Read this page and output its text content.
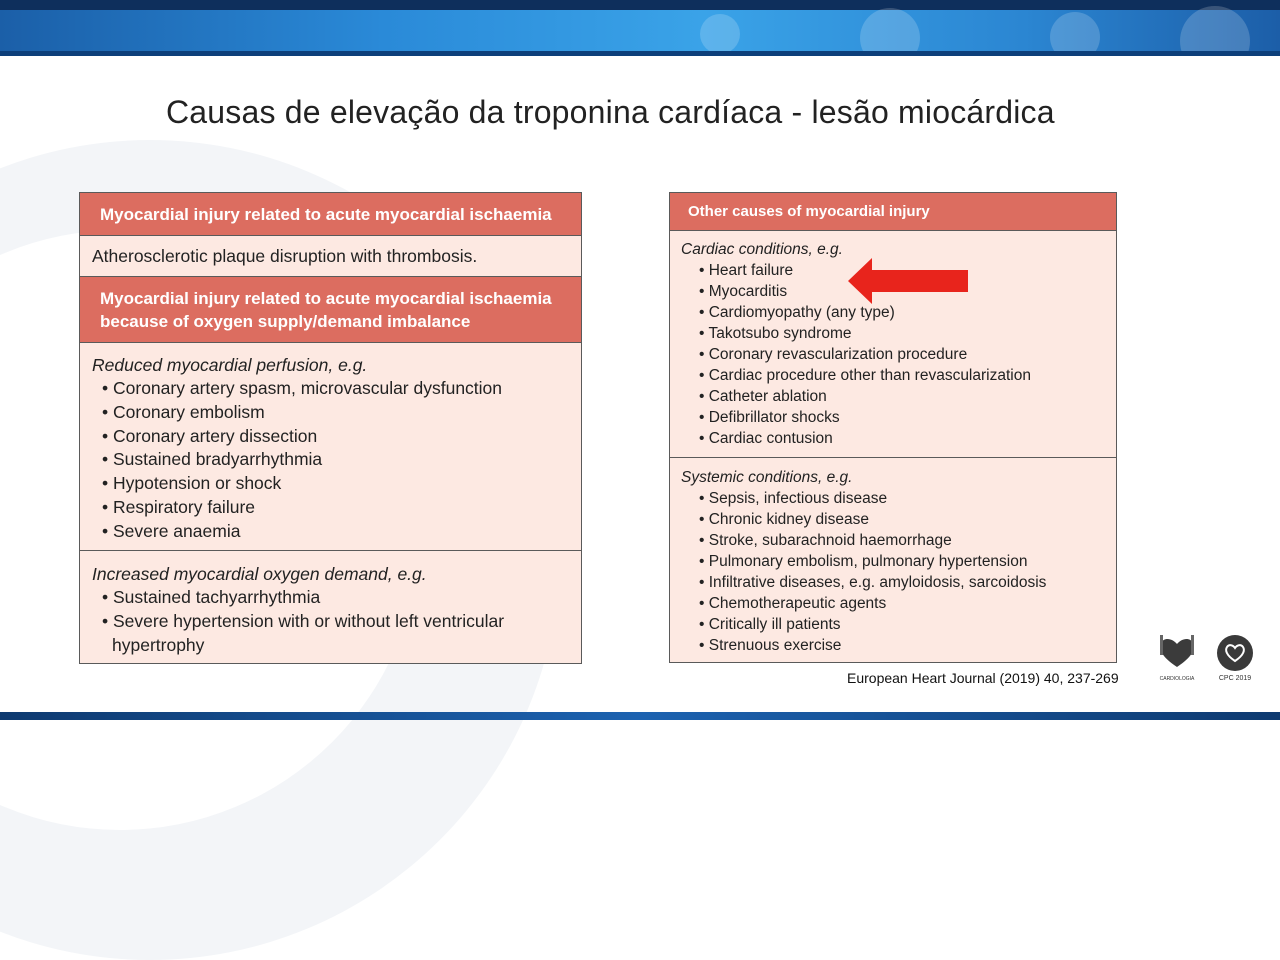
Causas de elevação da troponina cardíaca - lesão miocárdica
Myocardial injury related to acute myocardial ischaemia
Atherosclerotic plaque disruption with thrombosis.
Myocardial injury related to acute myocardial ischaemia
because of oxygen supply/demand imbalance
Reduced myocardial perfusion, e.g.
• Coronary artery spasm, microvascular dysfunction
• Coronary embolism
• Coronary artery dissection
• Sustained bradyarrhythmia
• Hypotension or shock
• Respiratory failure
• Severe anaemia
Increased myocardial oxygen demand, e.g.
• Sustained tachyarrhythmia
• Severe hypertension with or without left ventricular hypertrophy
Other causes of myocardial injury
Cardiac conditions, e.g.
• Heart failure
• Myocarditis
• Cardiomyopathy (any type)
• Takotsubo syndrome
• Coronary revascularization procedure
• Cardiac procedure other than revascularization
• Catheter ablation
• Defibrillator shocks
• Cardiac contusion
Systemic conditions, e.g.
• Sepsis, infectious disease
• Chronic kidney disease
• Stroke, subarachnoid haemorrhage
• Pulmonary embolism, pulmonary hypertension
• Infiltrative diseases, e.g. amyloidosis, sarcoidosis
• Chemotherapeutic agents
• Critically ill patients
• Strenuous exercise
European Heart Journal (2019) 40, 237-269	CARDIOLOGIA	CPC 2019
